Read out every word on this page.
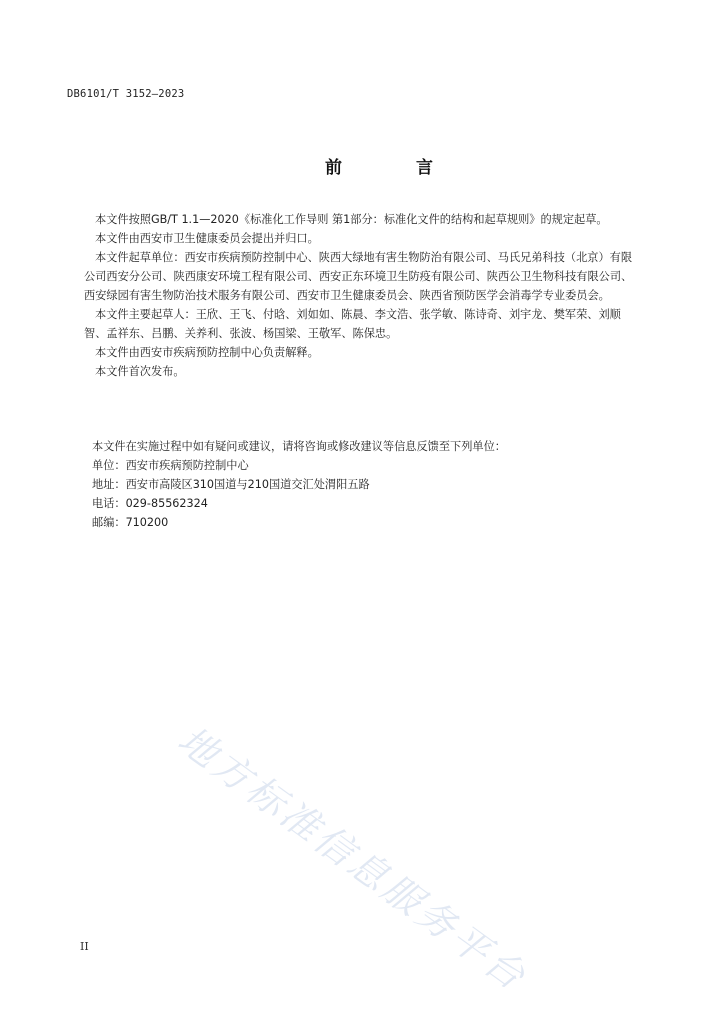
DB6101/T 3152—2023
前 言

本文件按照GB/T 1.1—2020《标准化工作导则 第1部分：标准化文件的结构和起草规则》的规定起草。

本文件由西安市卫生健康委员会提出并归口。

本文件起草单位：西安市疾病预防控制中心、陕西大绿地有害生物防治有限公司、马氏兄弟科技（北京）有限公司西安分公司、陕西康安环境工程有限公司、西安正东环境卫生防疫有限公司、陕西公卫生物科技有限公司、西安绿园有害生物防治技术服务有限公司、西安市卫生健康委员会、陕西省预防医学会消毒学专业委员会。

本文件主要起草人：王欣、王飞、付晗、刘如如、陈晨、李文浩、张学敏、陈诗奇、刘宇龙、樊军荣、刘顺智、孟祥东、吕鹏、关养利、张波、杨国梁、王敬军、陈保忠。

本文件由西安市疾病预防控制中心负责解释。

本文件首次发布。

本文件在实施过程中如有疑问或建议，请将咨询或修改建议等信息反馈至下列单位：
单位：西安市疾病预防控制中心
地址：西安市高陵区310国道与210国道交汇处渭阳五路
电话：029-85562324
邮编：710200
地方标准信息服务平台
II
